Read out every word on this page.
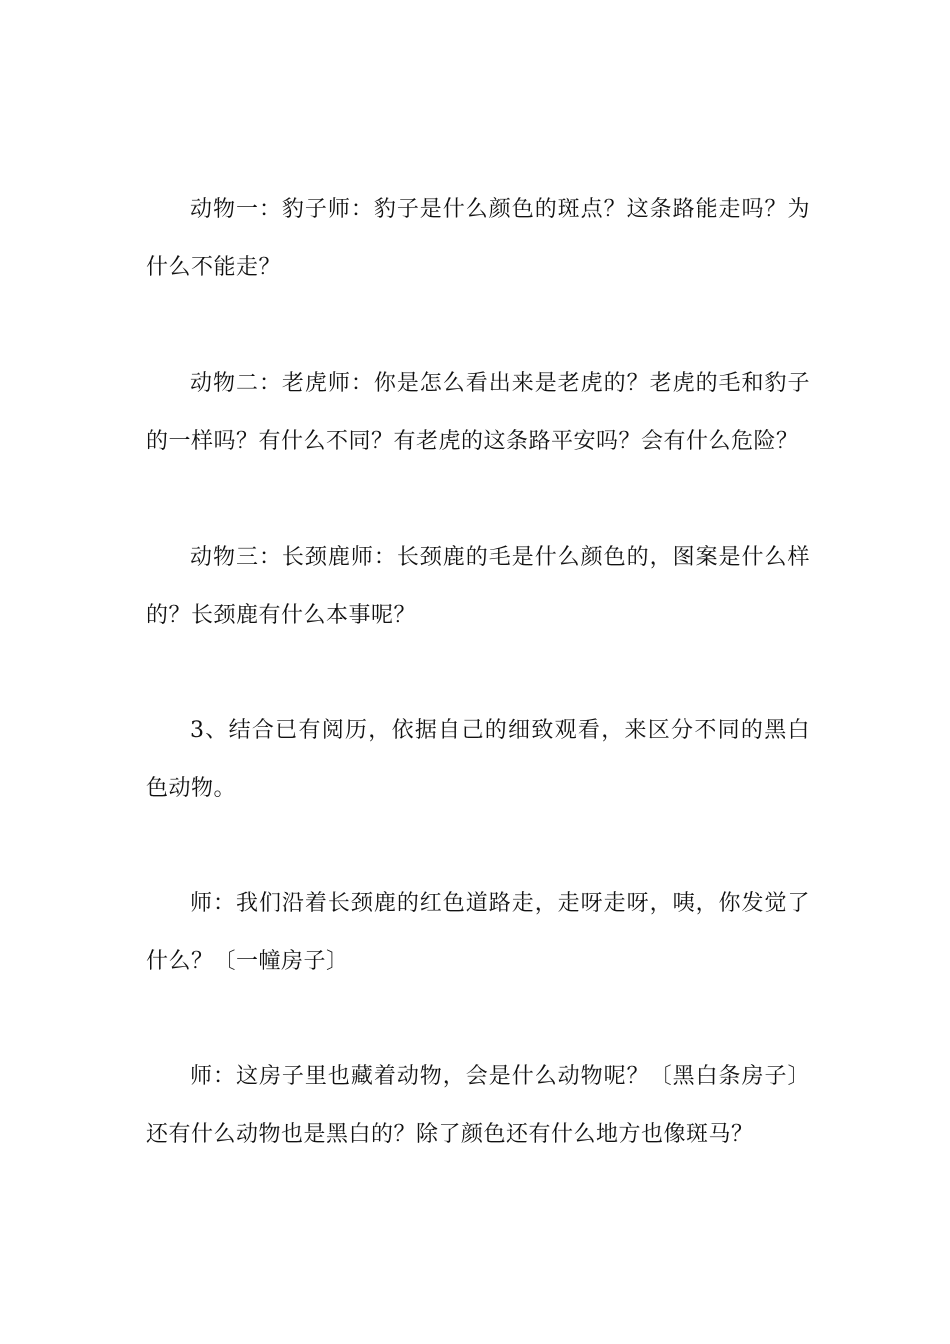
动物一：豹子师：豹子是什么颜色的斑点？这条路能走吗？为什么不能走？

动物二：老虎师：你是怎么看出来是老虎的？老虎的毛和豹子的一样吗？有什么不同？有老虎的这条路平安吗？会有什么危险？

动物三：长颈鹿师：长颈鹿的毛是什么颜色的，图案是什么样的？长颈鹿有什么本事呢？

3、结合已有阅历，依据自己的细致观看，来区分不同的黑白色动物。

师：我们沿着长颈鹿的红色道路走，走呀走呀，咦，你发觉了什么？〔一幢房子〕

师：这房子里也藏着动物，会是什么动物呢？〔黑白条房子〕还有什么动物也是黑白的？除了颜色还有什么地方也像斑马？
